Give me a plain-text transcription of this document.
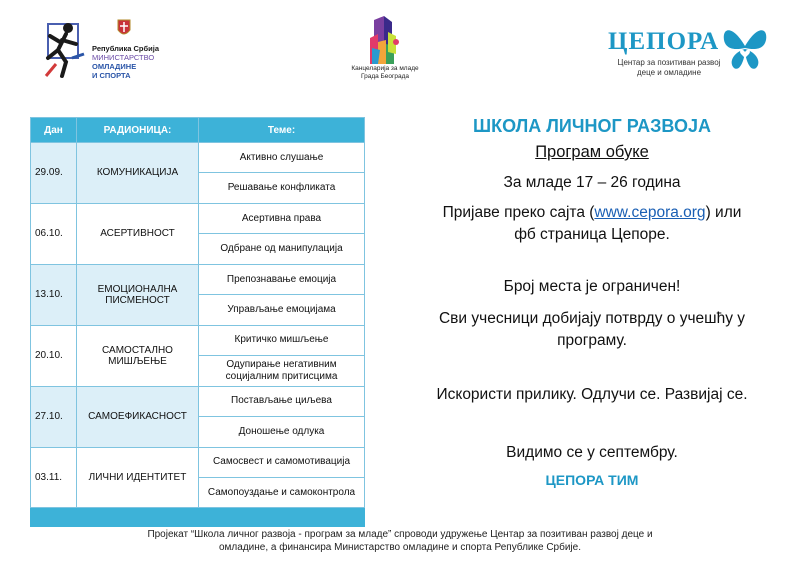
Република Србија
МИНИСТАРСТВО
ОМЛАДИНЕ
И СПОРТА
Канцеларија за младе
Града Београда
ЦЕПОРА
Центар за позитиван развој
деце и омладине
Дан	РАДИОНИЦА:	Теме:
29.09.	КОМУНИКАЦИЈА	Активно слушање
		Решавање конфликата
06.10.	АСЕРТИВНОСТ	Асертивна права
		Одбране од манипулација
13.10.	ЕМОЦИОНАЛНА ПИСМЕНОСТ	Препознавање емоција
		Управљање емоцијама
20.10.	САМОСТАЛНО МИШЉЕЊЕ	Критичко мишљење
		Одупирање негативним социјалним притисцима
27.10.	САМОЕФИКАСНОСТ	Постављање циљева
		Доношење одлука
03.11.	ЛИЧНИ ИДЕНТИТЕТ	Самосвест и самомотивација
		Самопоуздање и самоконтрола

ШКОЛА ЛИЧНОГ РАЗВОЈА
Програм обуке
За младе 17 – 26 година
Пријаве преко сајта (www.cepora.org) или
фб страница Цепоре.
Број места је ограничен!
Сви учесници добијају потврду о учешћу у
програму.
Искористи прилику. Одлучи се. Развијај се.
Видимо се у септембру.
ЦЕПОРА ТИМ
Пројекат “Школа личног развоја - програм за младе” спроводи удружење Центар за позитиван развој деце и
омладине, а финансира Министарство омладине и спорта Републике Србије.
